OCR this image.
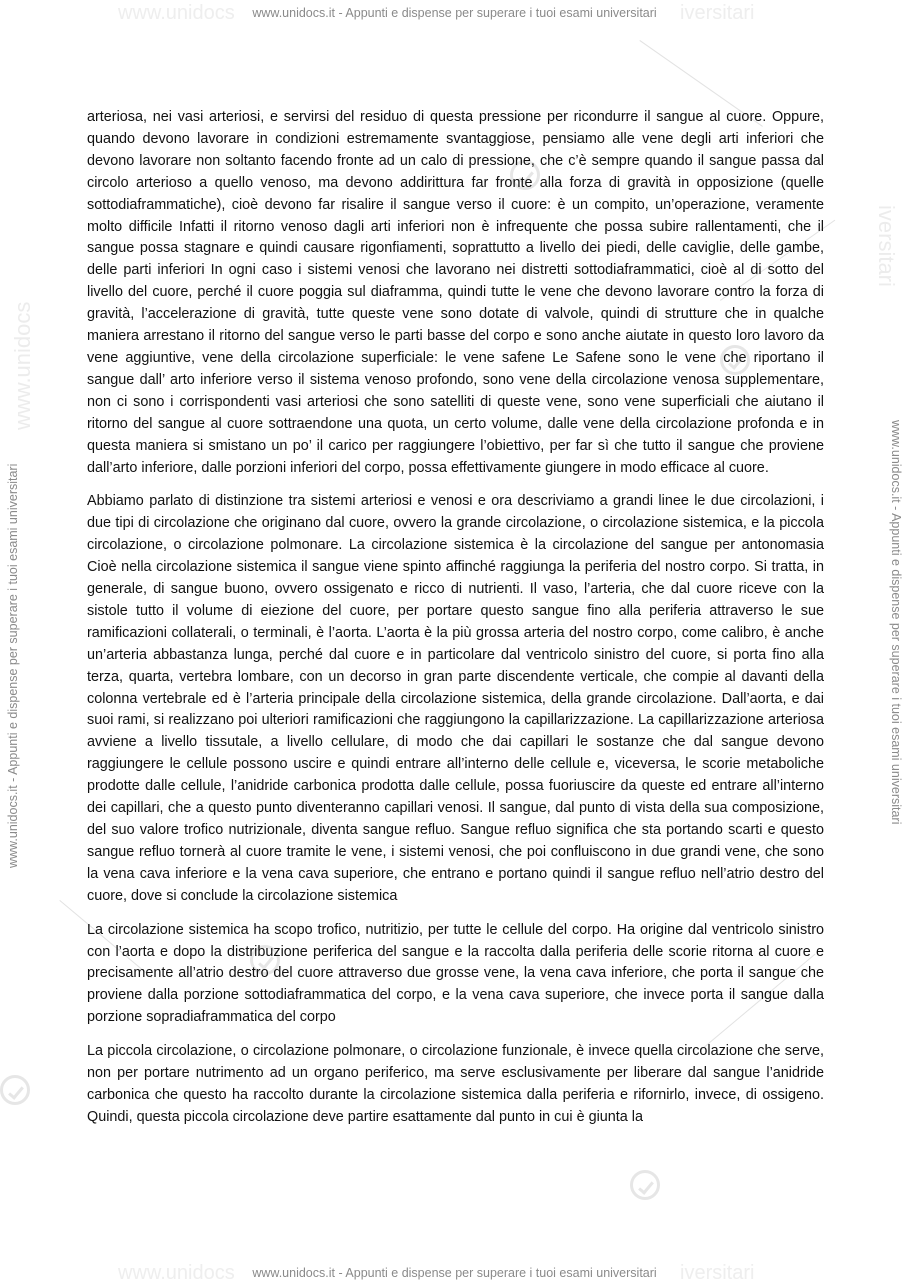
www.unidocs	iversitari
www.unidocs	iversitari
www.unidocs.it - Appunti e dispense per superare i tuoi esami universitari
www.unidocs.it - Appunti e dispense per superare i tuoi esami universitari
www.unidocs
www.unidocs.it - Appunti e dispense per superare i tuoi esami universitari
iversitari
www.unidocs.it - Appunti e dispense per superare i tuoi esami universitari

arteriosa, nei vasi arteriosi, e servirsi del residuo di questa pressione per ricondurre il sangue al cuore. Oppure, quando devono lavorare in condizioni estremamente svantaggiose, pensiamo alle vene degli arti inferiori che devono lavorare non soltanto facendo fronte ad un calo di pressione, che c’è sempre quando il sangue passa dal circolo arterioso a quello venoso, ma devono addirittura far fronte alla forza di gravità in opposizione (quelle sottodiaframmatiche), cioè devono far risalire il sangue verso il cuore: è un compito, un’operazione, veramente molto difficile Infatti il ritorno venoso dagli arti inferiori non è infrequente che possa subire rallentamenti, che il sangue possa stagnare e quindi causare rigonfiamenti, soprattutto a livello dei piedi, delle caviglie, delle gambe, delle parti inferiori In ogni caso i sistemi venosi che lavorano nei distretti sottodiaframmatici, cioè al di sotto del livello del cuore, perché il cuore poggia sul diaframma, quindi tutte le vene che devono lavorare contro la forza di gravità, l’accelerazione di gravità, tutte queste vene sono dotate di valvole, quindi di strutture che in qualche maniera arrestano il ritorno del sangue verso le parti basse del corpo e sono anche aiutate in questo loro lavoro da vene aggiuntive, vene della circolazione superficiale: le vene safene Le Safene sono le vene che riportano il sangue dall’ arto inferiore verso il sistema venoso profondo, sono vene della circolazione venosa supplementare, non ci sono i corrispondenti vasi arteriosi che sono satelliti di queste vene, sono vene superficiali che aiutano il ritorno del sangue al cuore sottraendone una quota, un certo volume, dalle vene della circolazione profonda e in questa maniera si smistano un po’ il carico per raggiungere l’obiettivo, per far sì che tutto il sangue che proviene dall’arto inferiore, dalle porzioni inferiori del corpo, possa effettivamente giungere in modo efficace al cuore.

Abbiamo parlato di distinzione tra sistemi arteriosi e venosi e ora descriviamo a grandi linee le due circolazioni, i due tipi di circolazione che originano dal cuore, ovvero la grande circolazione, o circolazione sistemica, e la piccola circolazione, o circolazione polmonare. La circolazione sistemica è la circolazione del sangue per antonomasia Cioè nella circolazione sistemica il sangue viene spinto affinché raggiunga la periferia del nostro corpo. Si tratta, in generale, di sangue buono, ovvero ossigenato e ricco di nutrienti. Il vaso, l’arteria, che dal cuore riceve con la sistole tutto il volume di eiezione del cuore, per portare questo sangue fino alla periferia attraverso le sue ramificazioni collaterali, o terminali, è l’aorta. L’aorta è la più grossa arteria del nostro corpo, come calibro, è anche un’arteria abbastanza lunga, perché dal cuore e in particolare dal ventricolo sinistro del cuore, si porta fino alla terza, quarta, vertebra lombare, con un decorso in gran parte discendente verticale, che compie al davanti della colonna vertebrale ed è l’arteria principale della circolazione sistemica, della grande circolazione. Dall’aorta, e dai suoi rami, si realizzano poi ulteriori ramificazioni che raggiungono la capillarizzazione. La capillarizzazione arteriosa avviene a livello tissutale, a livello cellulare, di modo che dai capillari le sostanze che dal sangue devono raggiungere le cellule possono uscire e quindi entrare all’interno delle cellule e, viceversa, le scorie metaboliche prodotte dalle cellule, l’anidride carbonica prodotta dalle cellule, possa fuoriuscire da queste ed entrare all’interno dei capillari, che a questo punto diventeranno capillari venosi. Il sangue, dal punto di vista della sua composizione, del suo valore trofico nutrizionale, diventa sangue refluo. Sangue refluo significa che sta portando scarti e questo sangue refluo tornerà al cuore tramite le vene, i sistemi venosi, che poi confluiscono in due grandi vene, che sono la vena cava inferiore e la vena cava superiore, che entrano e portano quindi il sangue refluo nell’atrio destro del cuore, dove si conclude la circolazione sistemica

La circolazione sistemica ha scopo trofico, nutritizio, per tutte le cellule del corpo. Ha origine dal ventricolo sinistro con l’aorta e dopo la distribuzione periferica del sangue e la raccolta dalla periferia delle scorie ritorna al cuore e precisamente all’atrio destro del cuore attraverso due grosse vene, la vena cava inferiore, che porta il sangue che proviene dalla porzione sottodiaframmatica del corpo, e la vena cava superiore, che invece porta il sangue dalla porzione sopradiaframmatica del corpo

La piccola circolazione, o circolazione polmonare, o circolazione funzionale, è invece quella circolazione che serve, non per portare nutrimento ad un organo periferico, ma serve esclusivamente per liberare dal sangue l’anidride carbonica che questo ha raccolto durante la circolazione sistemica dalla periferia e rifornirlo, invece, di ossigeno. Quindi, questa piccola circolazione deve partire esattamente dal punto in cui è giunta la
